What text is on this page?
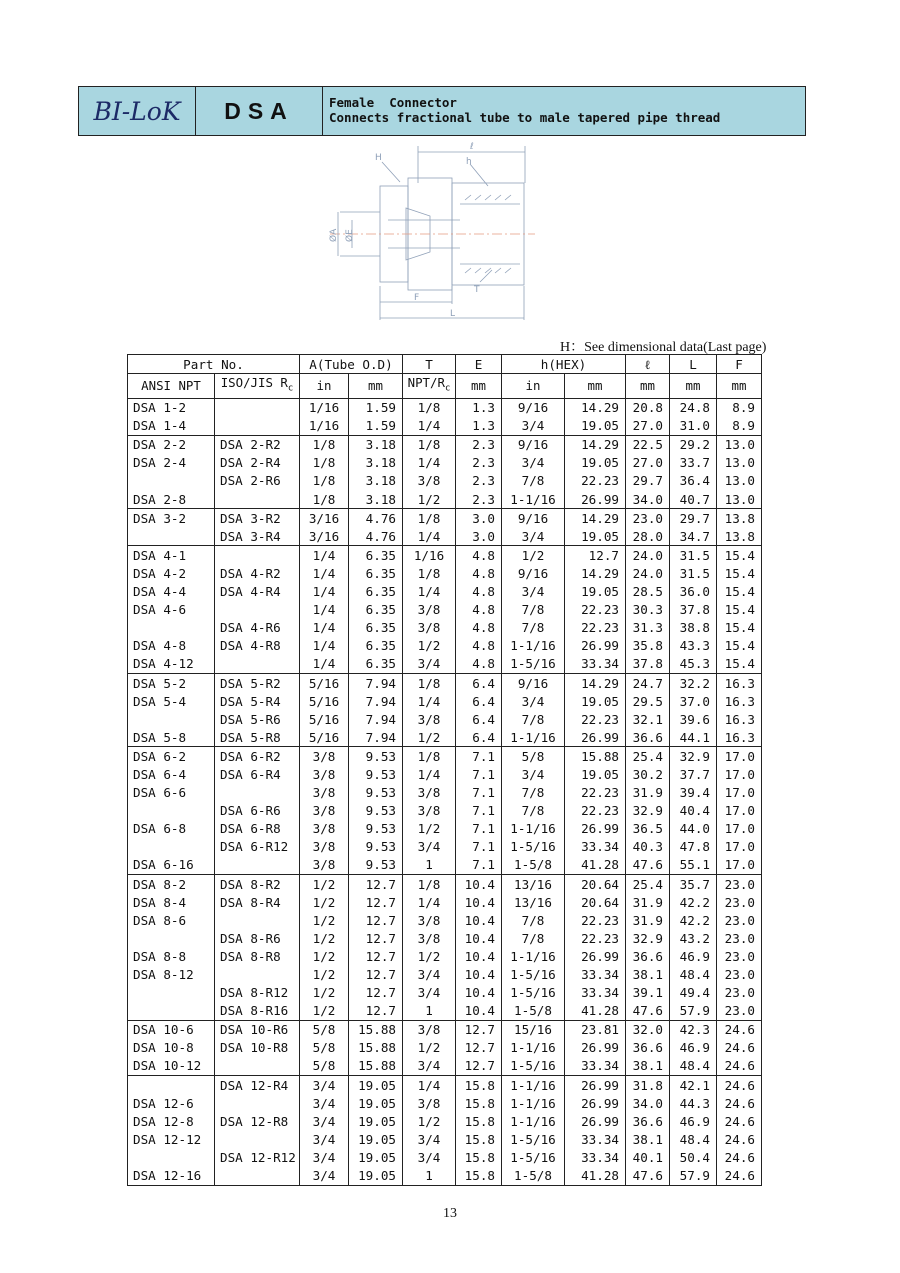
BI-LoK	DSA	Female  Connector
Connects fractional tube to male tapered pipe thread
H
ℓ
h
ØA ØE
T
F
L
H：See dimensional data(Last page)
Part No.		A(Tube O.D)		T	E	h(HEX)		ℓ	L	F
ANSI NPT	ISO/JIS $R_c$	in	mm	NPT/$R_c$	mm	in	mm	mm	mm	mm
DSA 1-2		1/16	1.59	1/8	1.3	9/16	14.29	20.8	24.8	8.9
DSA 1-4		1/16	1.59	1/4	1.3	3/4	19.05	27.0	31.0	8.9
DSA 2-2	DSA 2-R2	1/8	3.18	1/8	2.3	9/16	14.29	22.5	29.2	13.0
DSA 2-4	DSA 2-R4	1/8	3.18	1/4	2.3	3/4	19.05	27.0	33.7	13.0
	DSA 2-R6	1/8	3.18	3/8	2.3	7/8	22.23	29.7	36.4	13.0
DSA 2-8		1/8	3.18	1/2	2.3	1-1/16	26.99	34.0	40.7	13.0
DSA 3-2	DSA 3-R2	3/16	4.76	1/8	3.0	9/16	14.29	23.0	29.7	13.8
	DSA 3-R4	3/16	4.76	1/4	3.0	3/4	19.05	28.0	34.7	13.8
DSA 4-1		1/4	6.35	1/16	4.8	1/2	12.7	24.0	31.5	15.4
DSA 4-2	DSA 4-R2	1/4	6.35	1/8	4.8	9/16	14.29	24.0	31.5	15.4
DSA 4-4	DSA 4-R4	1/4	6.35	1/4	4.8	3/4	19.05	28.5	36.0	15.4
DSA 4-6		1/4	6.35	3/8	4.8	7/8	22.23	30.3	37.8	15.4
	DSA 4-R6	1/4	6.35	3/8	4.8	7/8	22.23	31.3	38.8	15.4
DSA 4-8	DSA 4-R8	1/4	6.35	1/2	4.8	1-1/16	26.99	35.8	43.3	15.4
DSA 4-12		1/4	6.35	3/4	4.8	1-5/16	33.34	37.8	45.3	15.4
DSA 5-2	DSA 5-R2	5/16	7.94	1/8	6.4	9/16	14.29	24.7	32.2	16.3
DSA 5-4	DSA 5-R4	5/16	7.94	1/4	6.4	3/4	19.05	29.5	37.0	16.3
	DSA 5-R6	5/16	7.94	3/8	6.4	7/8	22.23	32.1	39.6	16.3
DSA 5-8	DSA 5-R8	5/16	7.94	1/2	6.4	1-1/16	26.99	36.6	44.1	16.3
DSA 6-2	DSA 6-R2	3/8	9.53	1/8	7.1	5/8	15.88	25.4	32.9	17.0
DSA 6-4	DSA 6-R4	3/8	9.53	1/4	7.1	3/4	19.05	30.2	37.7	17.0
DSA 6-6		3/8	9.53	3/8	7.1	7/8	22.23	31.9	39.4	17.0
	DSA 6-R6	3/8	9.53	3/8	7.1	7/8	22.23	32.9	40.4	17.0
DSA 6-8	DSA 6-R8	3/8	9.53	1/2	7.1	1-1/16	26.99	36.5	44.0	17.0
	DSA 6-R12	3/8	9.53	3/4	7.1	1-5/16	33.34	40.3	47.8	17.0
DSA 6-16		3/8	9.53	1	7.1	1-5/8	41.28	47.6	55.1	17.0
DSA 8-2	DSA 8-R2	1/2	12.7	1/8	10.4	13/16	20.64	25.4	35.7	23.0
DSA 8-4	DSA 8-R4	1/2	12.7	1/4	10.4	13/16	20.64	31.9	42.2	23.0
DSA 8-6		1/2	12.7	3/8	10.4	7/8	22.23	31.9	42.2	23.0
	DSA 8-R6	1/2	12.7	3/8	10.4	7/8	22.23	32.9	43.2	23.0
DSA 8-8	DSA 8-R8	1/2	12.7	1/2	10.4	1-1/16	26.99	36.6	46.9	23.0
DSA 8-12		1/2	12.7	3/4	10.4	1-5/16	33.34	38.1	48.4	23.0
	DSA 8-R12	1/2	12.7	3/4	10.4	1-5/16	33.34	39.1	49.4	23.0
	DSA 8-R16	1/2	12.7	1	10.4	1-5/8	41.28	47.6	57.9	23.0
DSA 10-6	DSA 10-R6	5/8	15.88	3/8	12.7	15/16	23.81	32.0	42.3	24.6
DSA 10-8	DSA 10-R8	5/8	15.88	1/2	12.7	1-1/16	26.99	36.6	46.9	24.6
DSA 10-12		5/8	15.88	3/4	12.7	1-5/16	33.34	38.1	48.4	24.6
	DSA 12-R4	3/4	19.05	1/4	15.8	1-1/16	26.99	31.8	42.1	24.6
DSA 12-6		3/4	19.05	3/8	15.8	1-1/16	26.99	34.0	44.3	24.6
DSA 12-8	DSA 12-R8	3/4	19.05	1/2	15.8	1-1/16	26.99	36.6	46.9	24.6
DSA 12-12		3/4	19.05	3/4	15.8	1-5/16	33.34	38.1	48.4	24.6
	DSA 12-R12	3/4	19.05	3/4	15.8	1-5/16	33.34	40.1	50.4	24.6
DSA 12-16		3/4	19.05	1	15.8	1-5/8	41.28	47.6	57.9	24.6
13
